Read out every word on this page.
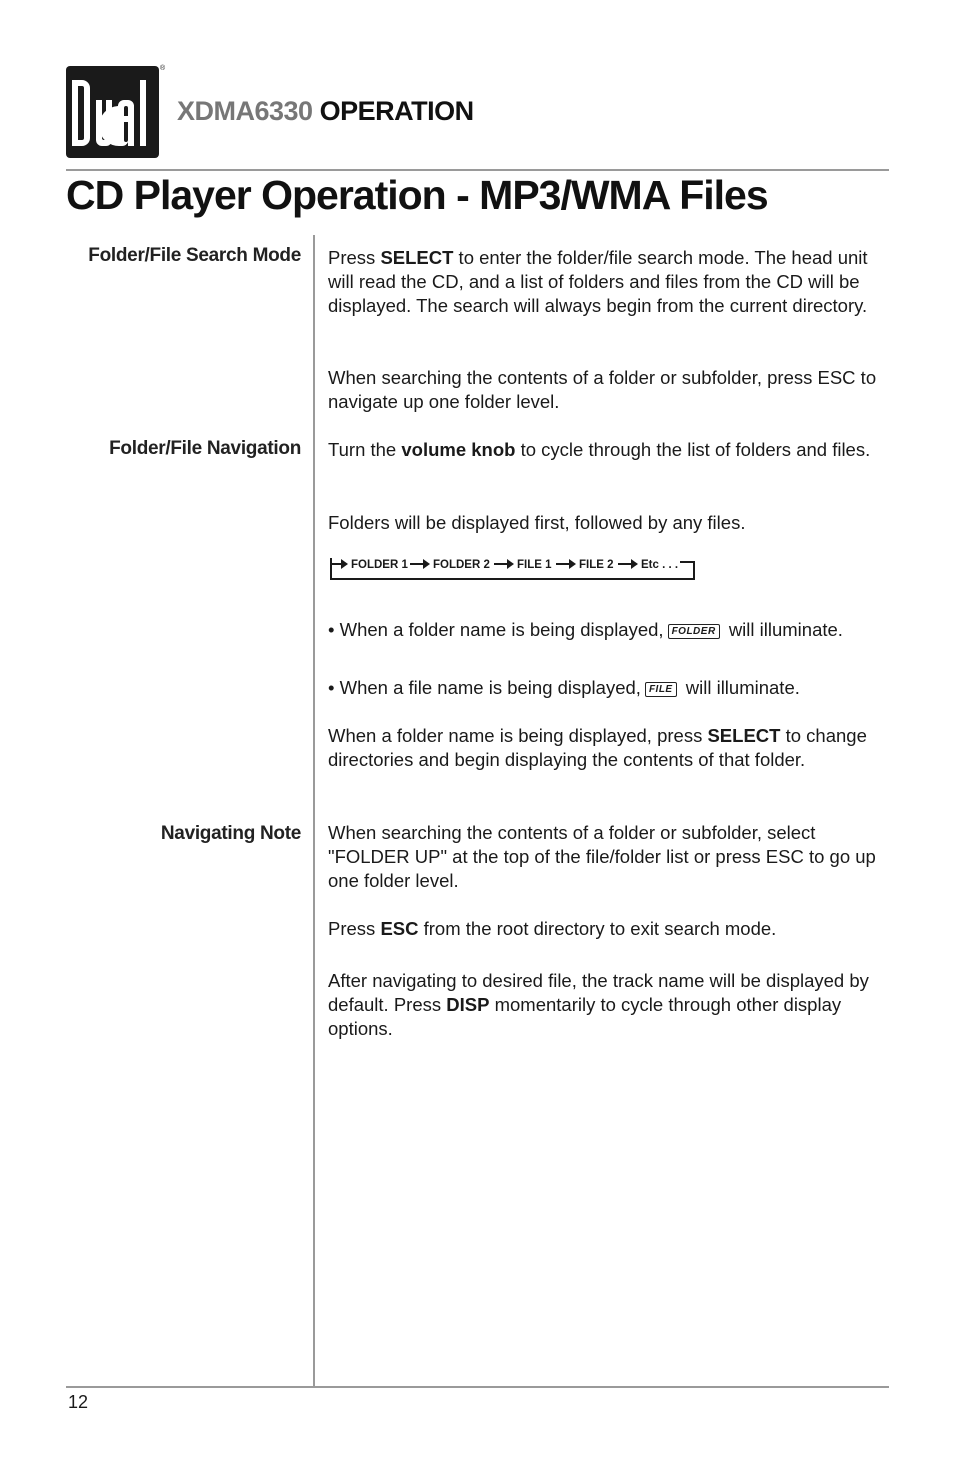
®
XDMA6330 OPERATION
CD Player Operation - MP3/WMA Files
Folder/File Search Mode Press SELECT to enter the folder/file search mode. The head unit will read the CD, and a list of folders and files from the CD will be displayed. The search will always begin from the current directory.

When searching the contents of a folder or subfolder, press ESC to navigate up one folder level.
Folder/File Navigation Turn the volume knob to cycle through the list of folders and files.

Folders will be displayed first, followed by any files.
FOLDER 1 FOLDER 2 FILE 1 FILE 2 Etc . . .

• When a folder name is being displayed, FOLDER will illuminate.

• When a file name is being displayed, FILE will illuminate.

When a folder name is being displayed, press SELECT to change directories and begin displaying the contents of that folder.

Navigating Note When searching the contents of a folder or subfolder, select "FOLDER UP" at the top of the file/folder list or press ESC to go up one folder level.

Press ESC from the root directory to exit search mode.

After navigating to desired file, the track name will be displayed by default. Press DISP momentarily to cycle through other display options.

12
